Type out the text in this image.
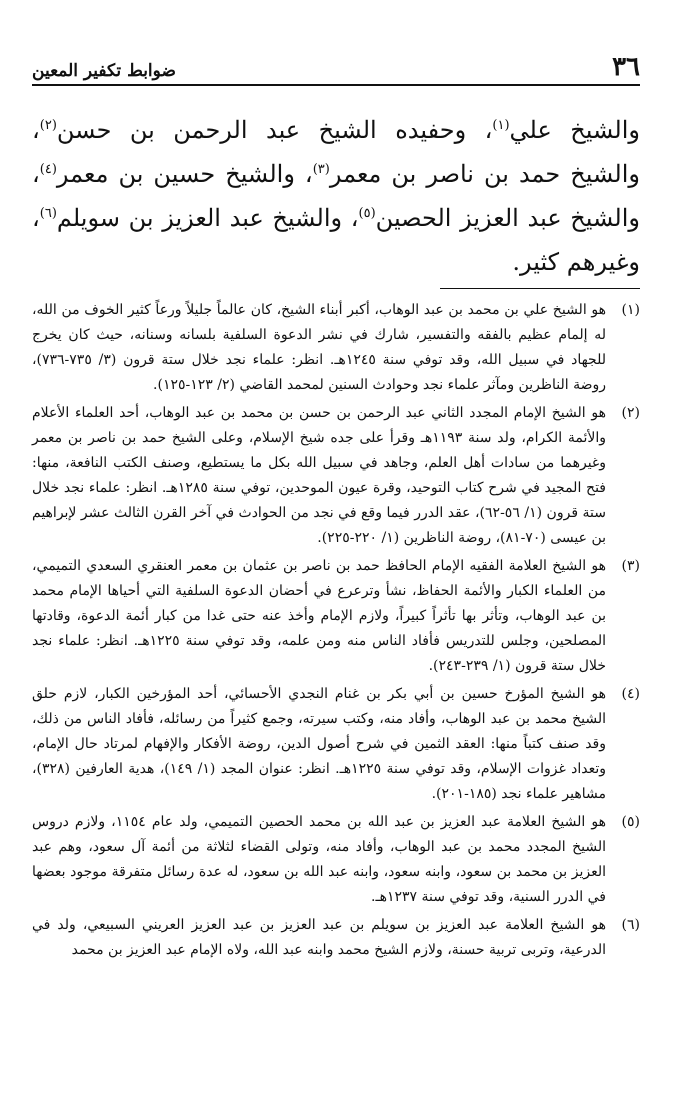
٣٦
ضوابط تكفير المعين
والشيخ علي$^{(١)}$، وحفيده الشيخ عبد الرحمن بن حسن$^{(٢)}$، والشيخ حمد بن ناصر بن معمر$^{(٣)}$، والشيخ حسين بن معمر$^{(٤)}$، والشيخ عبد العزيز الحصين$^{(٥)}$، والشيخ عبد العزيز بن سويلم$^{(٦)}$، وغيرهم كثير.
(١)
هو الشيخ علي بن محمد بن عبد الوهاب، أكبر أبناء الشيخ، كان عالماً جليلاً ورعاً كثير الخوف من الله، له إلمام عظيم بالفقه والتفسير، شارك في نشر الدعوة السلفية بلسانه وسنانه، حيث كان يخرج للجهاد في سبيل الله، وقد توفي سنة ١٢٤٥هـ. انظر: علماء نجد خلال ستة قرون (٣/ ٧٣٥-٧٣٦)، روضة الناظرين ومآثر علماء نجد وحوادث السنين لمحمد القاضي (٢/ ١٢٣-١٢٥).
(٢)
هو الشيخ الإمام المجدد الثاني عبد الرحمن بن حسن بن محمد بن عبد الوهاب، أحد العلماء الأعلام والأئمة الكرام، ولد سنة ١١٩٣هـ وقرأ على جده شيخ الإسلام، وعلى الشيخ حمد بن ناصر بن معمر وغيرهما من سادات أهل العلم، وجاهد في سبيل الله بكل ما يستطيع، وصنف الكتب النافعة، منها: فتح المجيد في شرح كتاب التوحيد، وقرة عيون الموحدين، توفي سنة ١٢٨٥هـ. انظر: علماء نجد خلال ستة قرون (١/ ٥٦-٦٢)، عقد الدرر فيما وقع في نجد من الحوادث في آخر القرن الثالث عشر لإبراهيم بن عيسى (٧٠-٨١)، روضة الناظرين (١/ ٢٢٠-٢٢٥).
(٣)
هو الشيخ العلامة الفقيه الإمام الحافظ حمد بن ناصر بن عثمان بن معمر العنقري السعدي التميمي، من العلماء الكبار والأئمة الحفاظ، نشأ وترعرع في أحضان الدعوة السلفية التي أحياها الإمام محمد بن عبد الوهاب، وتأثر بها تأثراً كبيراً، ولازم الإمام وأخذ عنه حتى غدا من كبار أئمة الدعوة، وقادتها المصلحين، وجلس للتدريس فأفاد الناس منه ومن علمه، وقد توفي سنة ١٢٢٥هـ. انظر: علماء نجد خلال ستة قرون (١/ ٢٣٩-٢٤٣).
(٤)
هو الشيخ المؤرخ حسين بن أبي بكر بن غنام النجدي الأحسائي، أحد المؤرخين الكبار، لازم حلق الشيخ محمد بن عبد الوهاب، وأفاد منه، وكتب سيرته، وجمع كثيراً من رسائله، فأفاد الناس من ذلك، وقد صنف كتباً منها: العقد الثمين في شرح أصول الدين، روضة الأفكار والإفهام لمرتاد حال الإمام، وتعداد غزوات الإسلام، وقد توفي سنة ١٢٢٥هـ. انظر: عنوان المجد (١/ ١٤٩)، هدية العارفين (٣٢٨)، مشاهير علماء نجد (١٨٥-٢٠١).
(٥)
هو الشيخ العلامة عبد العزيز بن عبد الله بن محمد الحصين التميمي، ولد عام ١١٥٤، ولازم دروس الشيخ المجدد محمد بن عبد الوهاب، وأفاد منه، وتولى القضاء لثلاثة من أئمة آل سعود، وهم عبد العزيز بن محمد بن سعود، وابنه سعود، وابنه عبد الله بن سعود، له عدة رسائل متفرقة موجود بعضها في الدرر السنية، وقد توفي سنة ١٢٣٧هـ.
(٦)
هو الشيخ العلامة عبد العزيز بن سويلم بن عبد العزيز بن عبد العزيز العريني السبيعي، ولد في الدرعية، وتربى تربية حسنة، ولازم الشيخ محمد وابنه عبد الله، ولاه الإمام عبد العزيز بن محمد
